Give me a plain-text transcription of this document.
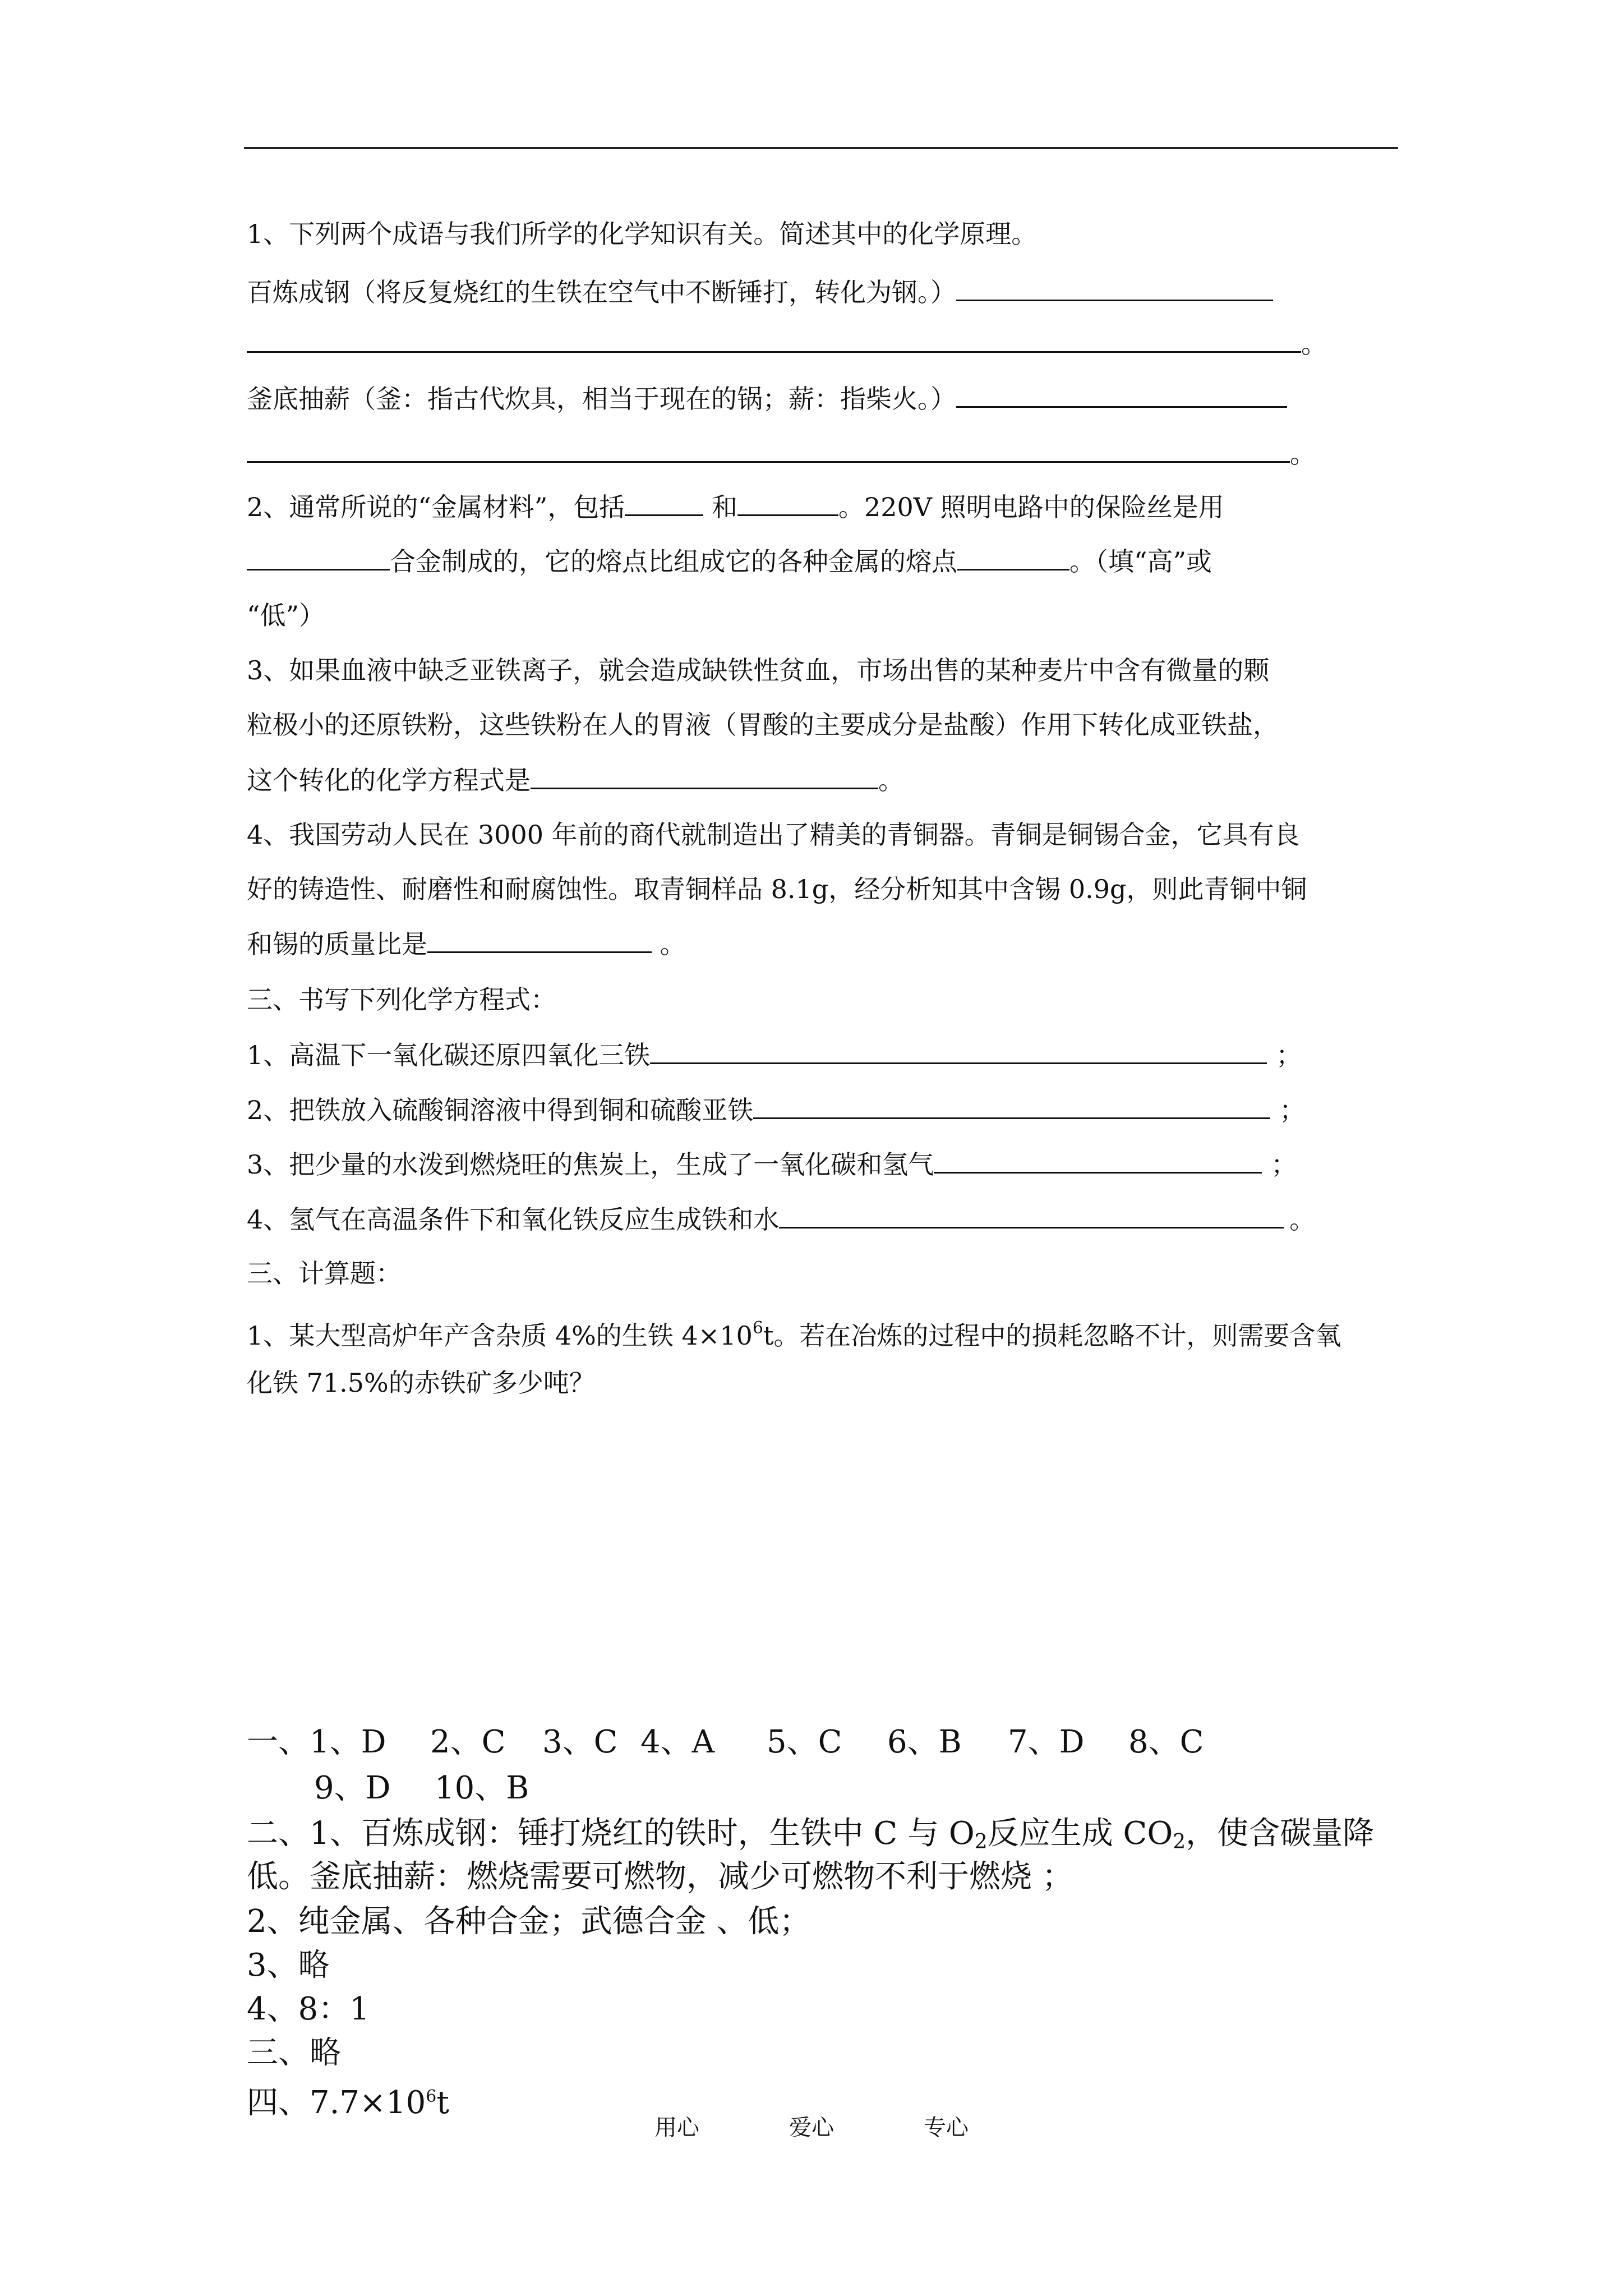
1、下列两个成语与我们所学的化学知识有关。简述其中的化学原理。
百炼成钢（将反复烧红的生铁在空气中不断锤打，转化为钢。）
。
釜底抽薪（釜：指古代炊具，相当于现在的锅；薪：指柴火。）
。
2、通常所说的“金属材料”，包括	和	。220V 照明电路中的保险丝是用
合金制成的，它的熔点比组成它的各种金属的熔点	。（填“高”或
“低”）
3、如果血液中缺乏亚铁离子，就会造成缺铁性贫血，市场出售的某种麦片中含有微量的颗
粒极小的还原铁粉，这些铁粉在人的胃液（胃酸的主要成分是盐酸）作用下转化成亚铁盐，
这个转化的化学方程式是	。
4、我国劳动人民在 3000 年前的商代就制造出了精美的青铜器。青铜是铜锡合金，它具有良
好的铸造性、耐磨性和耐腐蚀性。取青铜样品 8.1g，经分析知其中含锡 0.9g，则此青铜中铜
和锡的质量比是	。
三、书写下列化学方程式：
1、高温下一氧化碳还原四氧化三铁	；
2、把铁放入硫酸铜溶液中得到铜和硫酸亚铁	；
3、把少量的水泼到燃烧旺的焦炭上，生成了一氧化碳和氢气	；
4、氢气在高温条件下和氧化铁反应生成铁和水	。
三、计算题：
1、某大型高炉年产含杂质 4%的生铁 $4\times 10^6t$。若在冶炼的过程中的损耗忽略不计，则需要含氧
化铁 71.5%的赤铁矿多少吨？
一、1、D 2、C 3、C 4、A 5、C 6、B 7、D 8、C
9、D 10、B
二、1、百炼成钢：锤打烧红的铁时，生铁中 C 与 $O_2$反应生成 $CO_2$，使含碳量降
低。釜底抽薪：燃烧需要可燃物，减少可燃物不利于燃烧 ；
2、纯金属、各种合金；武德合金 、低；
3、略
4、8：1
三、略
四、$7.7\times 10^6t$
用心	爱心	专心
